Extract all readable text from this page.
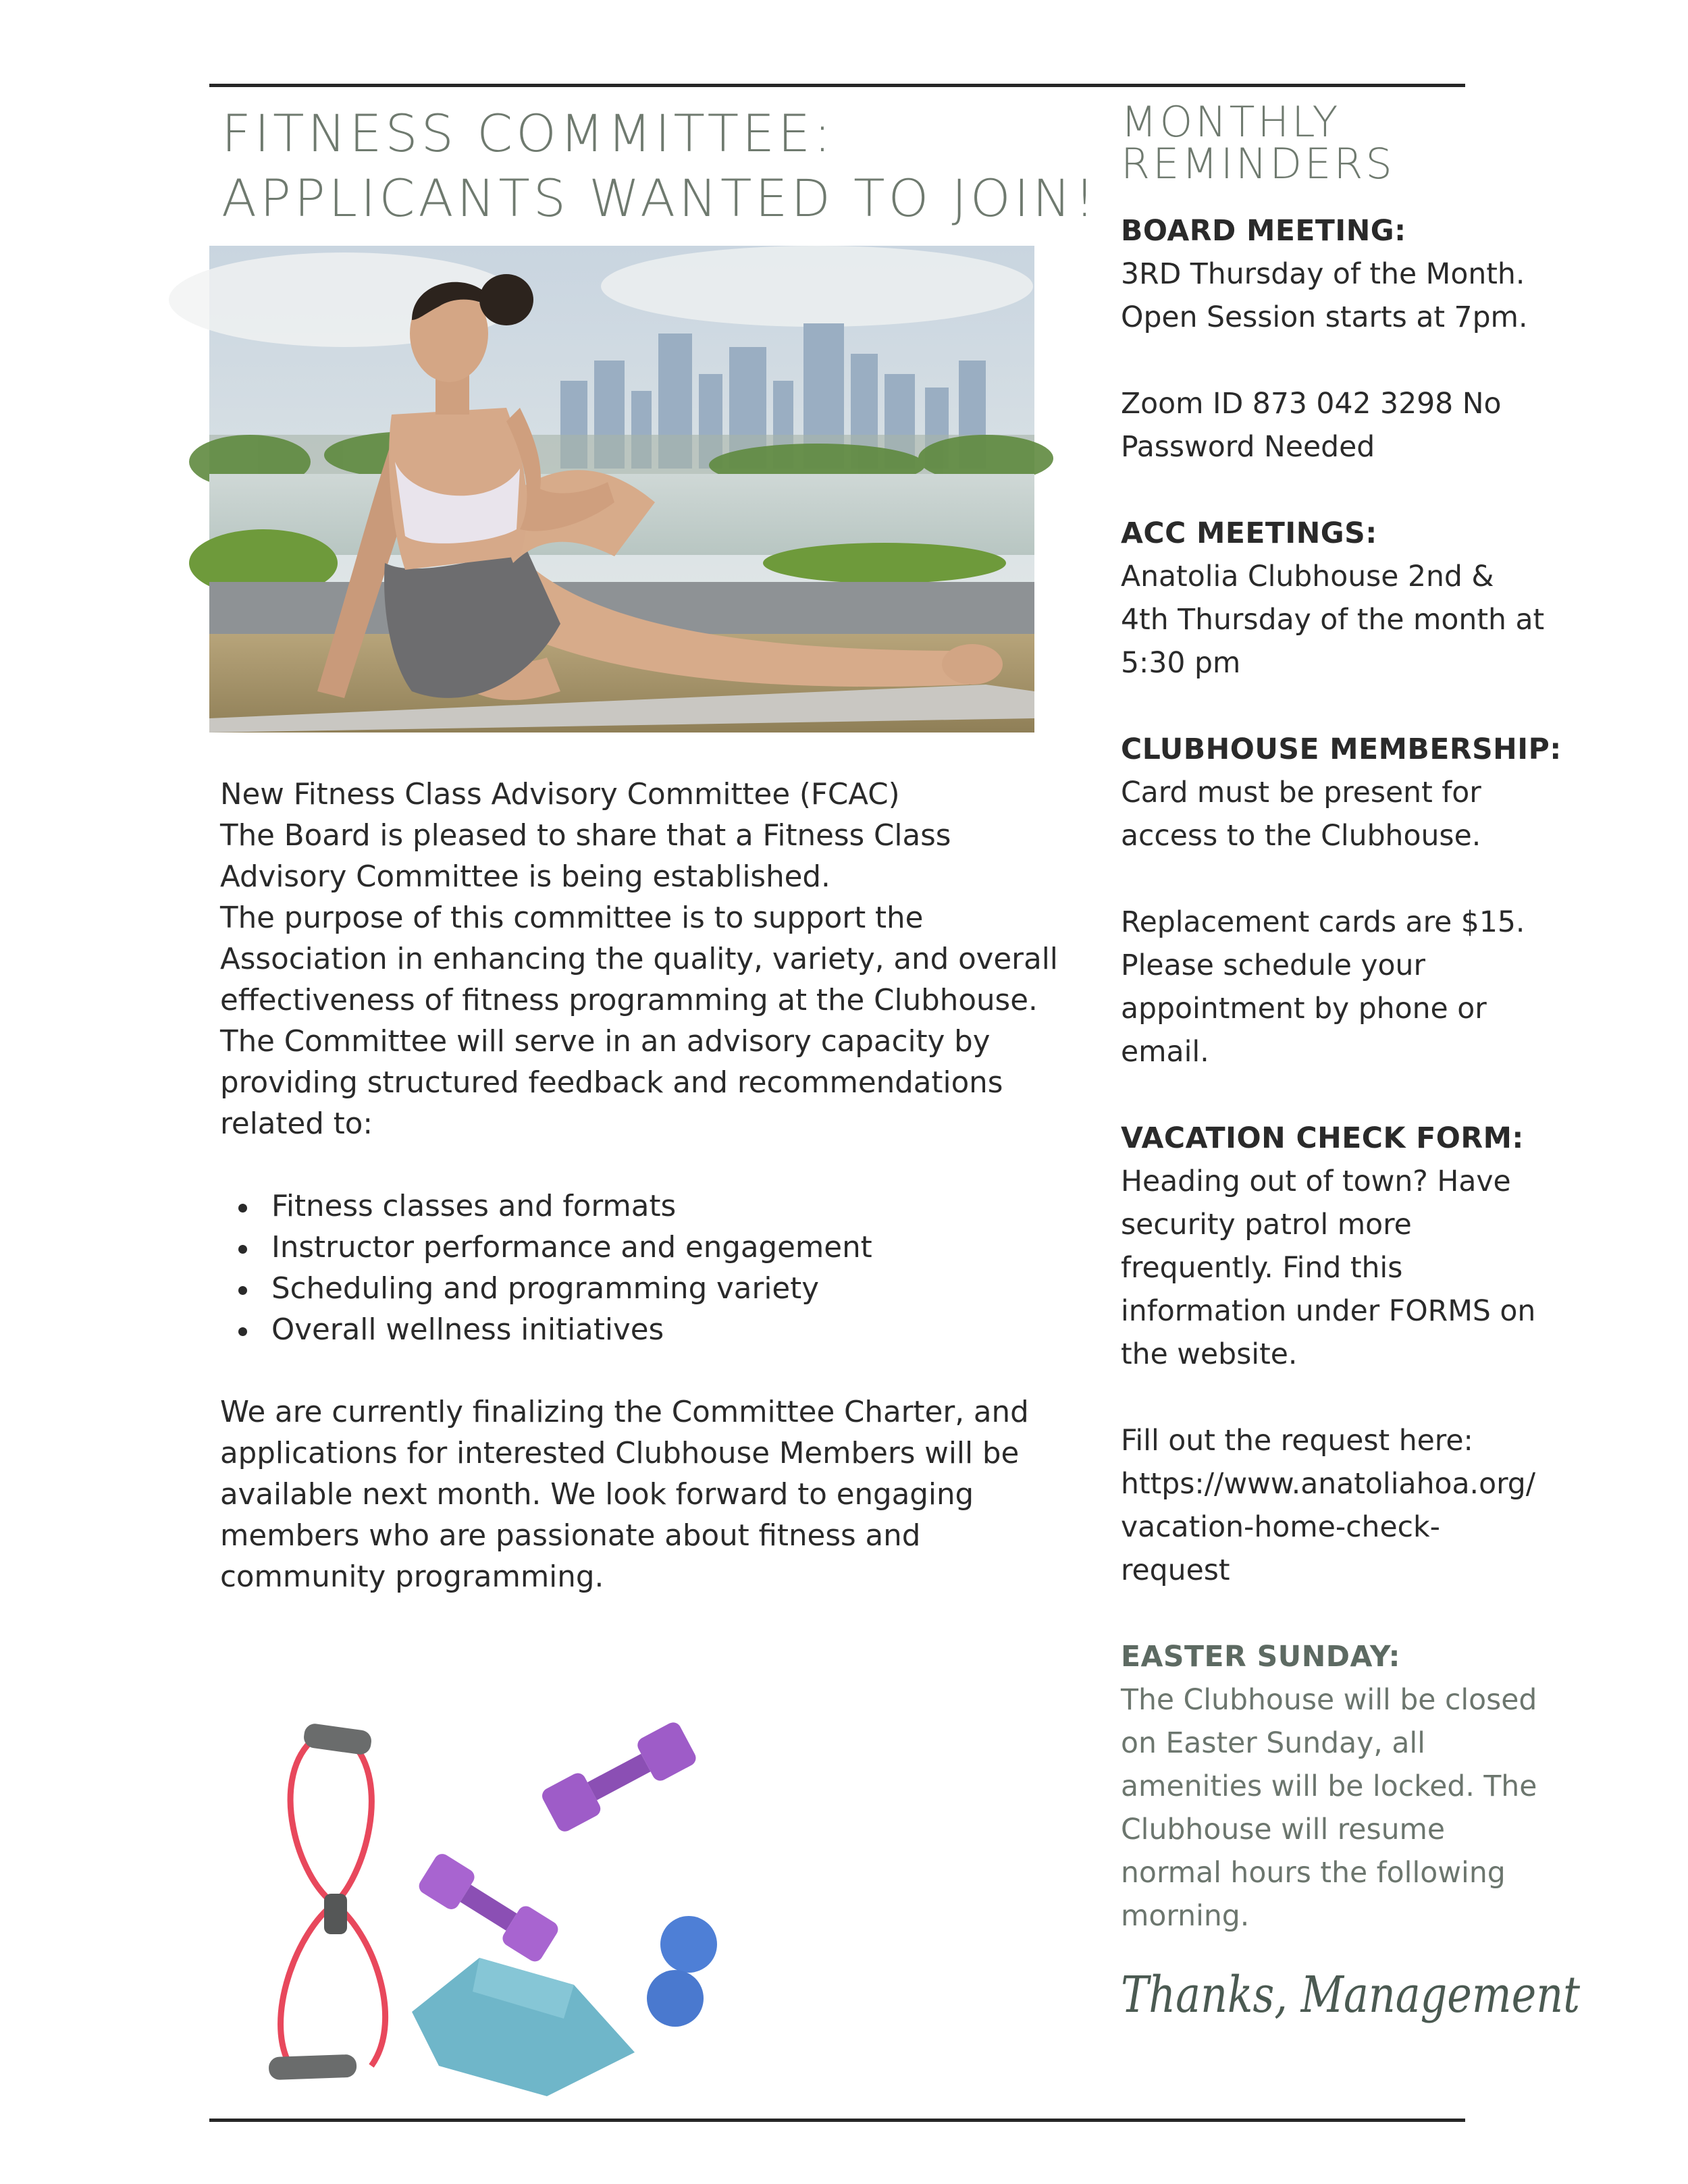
FITNESS COMMITTEE:
APPLICANTS WANTED TO JOIN!

New Fitness Class Advisory Committee (FCAC)

The Board is pleased to share that a Fitness Class

Advisory Committee is being established.

The purpose of this committee is to support the

Association in enhancing the quality, variety, and overall

effectiveness of fitness programming at the Clubhouse.

The Committee will serve in an advisory capacity by

providing structured feedback and recommendations

related to:

Fitness classes and formats
Instructor performance and engagement
Scheduling and programming variety
Overall wellness initiatives

We are currently finalizing the Committee Charter, and

applications for interested Clubhouse Members will be

available next month. We look forward to engaging

members who are passionate about fitness and

community programming.

MONTHLY
REMINDERS

BOARD MEETING:

3RD Thursday of the Month.

Open Session starts at 7pm.

Zoom ID 873 042 3298 No

Password Needed

ACC MEETINGS:

Anatolia Clubhouse 2nd &

4th Thursday of the month at

5:30 pm

CLUBHOUSE MEMBERSHIP:

Card must be present for

access to the Clubhouse.

Replacement cards are $15.

Please schedule your

appointment by phone or

email.

VACATION CHECK FORM:

Heading out of town? Have

security patrol more

frequently. Find this

information under FORMS on

the website.

Fill out the request here:

https://www.anatoliahoa.org/

vacation-home-check-

request

EASTER SUNDAY:

The Clubhouse will be closed

on Easter Sunday, all

amenities will be locked. The

Clubhouse will resume

normal hours the following

morning.

Thanks, Management
